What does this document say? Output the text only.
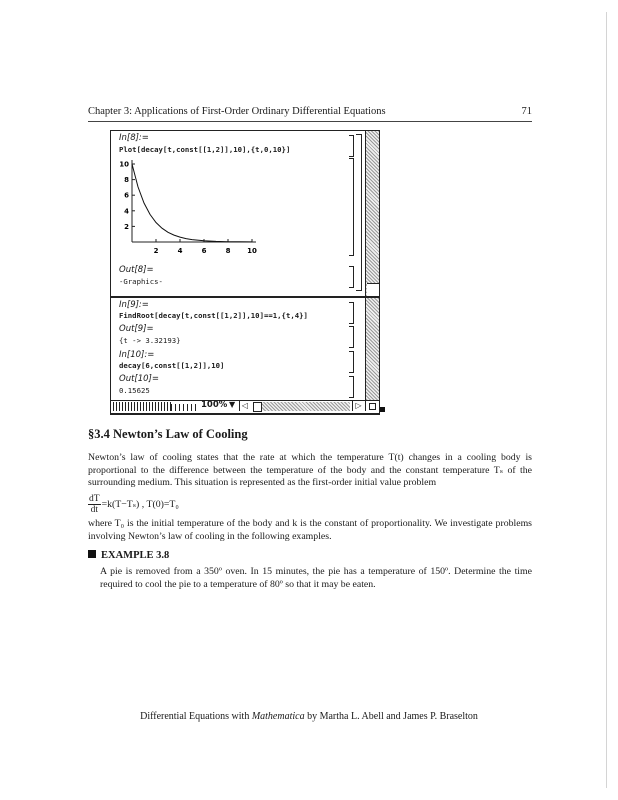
Chapter 3: Applications of First-Order Ordinary Differential Equations	71
In[8]:=
Plot[decay[t,const[[1,2]],10],{t,0,10}]
Out[8]=
-Graphics-
2	4	6	8 10
2
4
6
8
10
In[9]:=
FindRoot[decay[t,const[[1,2]],10]==1,{t,4}]
Out[9]=
{t -> 3.32193}
In[10]:=
decay[6,const[[1,2]],10]
Out[10]=
0.15625
100% ▼ ◁	▷
§3.4 Newton’s Law of Cooling

Newton’s law of cooling states that the rate at which the temperature T(t) changes in a cooling body is proportional to the difference between the temperature of the body and the constant temperature Tₛ of the surrounding medium. This situation is represented as the first-order initial value problem

$\frac{dT}{dt} =k(T-T_s)$ , T(0)=T₀

where T₀ is the initial temperature of the body and k is the constant of proportionality. We investigate problems involving Newton’s law of cooling in the following examples.

EXAMPLE 3.8

A pie is removed from a 350º oven. In 15 minutes, the pie has a temperature of 150º. Determine the time required to cool the pie to a temperature of 80º so that it may be eaten.

Differential Equations with Mathematica by Martha L. Abell and James P. Braselton
